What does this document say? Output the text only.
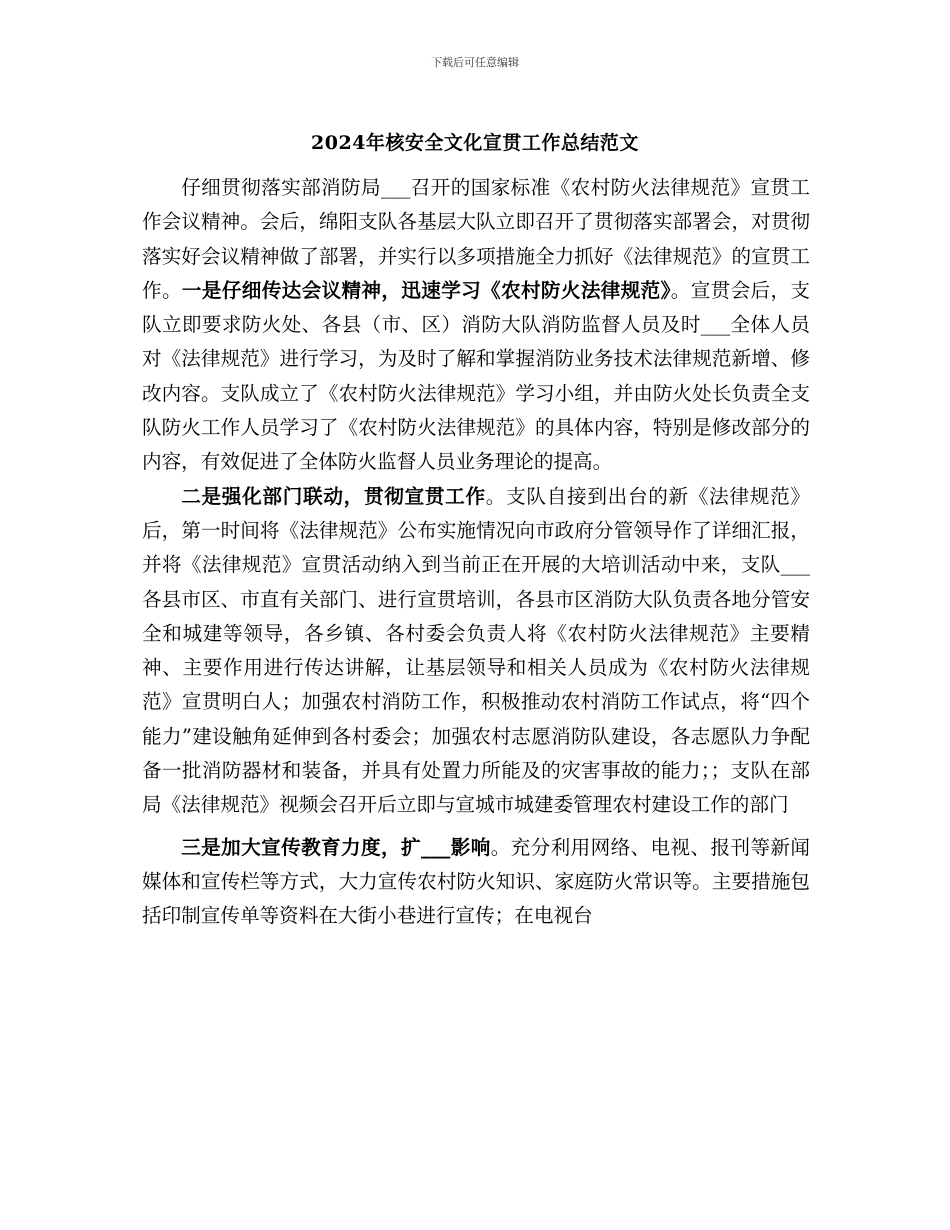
下载后可任意编辑
2024年核安全文化宣贯工作总结范文

仔细贯彻落实部消防局___召开的国家标准《农村防火法律规范》宣贯工作会议精神。会后，绵阳支队各基层大队立即召开了贯彻落实部署会，对贯彻落实好会议精神做了部署，并实行以多项措施全力抓好《法律规范》的宣贯工作。一是仔细传达会议精神，迅速学习《农村防火法律规范》。宣贯会后，支队立即要求防火处、各县（市、区）消防大队消防监督人员及时___全体人员对《法律规范》进行学习，为及时了解和掌握消防业务技术法律规范新增、修改内容。支队成立了《农村防火法律规范》学习小组，并由防火处长负责全支队防火工作人员学习了《农村防火法律规范》的具体内容，特别是修改部分的内容，有效促进了全体防火监督人员业务理论的提高。

二是强化部门联动，贯彻宣贯工作。支队自接到出台的新《法律规范》后，第一时间将《法律规范》公布实施情况向市政府分管领导作了详细汇报，并将《法律规范》宣贯活动纳入到当前正在开展的大培训活动中来，支队___各县市区、市直有关部门、进行宣贯培训，各县市区消防大队负责各地分管安全和城建等领导，各乡镇、各村委会负责人将《农村防火法律规范》主要精神、主要作用进行传达讲解，让基层领导和相关人员成为《农村防火法律规范》宣贯明白人；加强农村消防工作，积极推动农村消防工作试点，将“四个能力”建设触角延伸到各村委会；加强农村志愿消防队建设，各志愿队力争配备一批消防器材和装备，并具有处置力所能及的灾害事故的能力；；支队在部局《法律规范》视频会召开后立即与宣城市城建委管理农村建设工作的部门

三是加大宣传教育力度，扩___影响。充分利用网络、电视、报刊等新闻媒体和宣传栏等方式，大力宣传农村防火知识、家庭防火常识等。主要措施包括印制宣传单等资料在大街小巷进行宣传；在电视台
